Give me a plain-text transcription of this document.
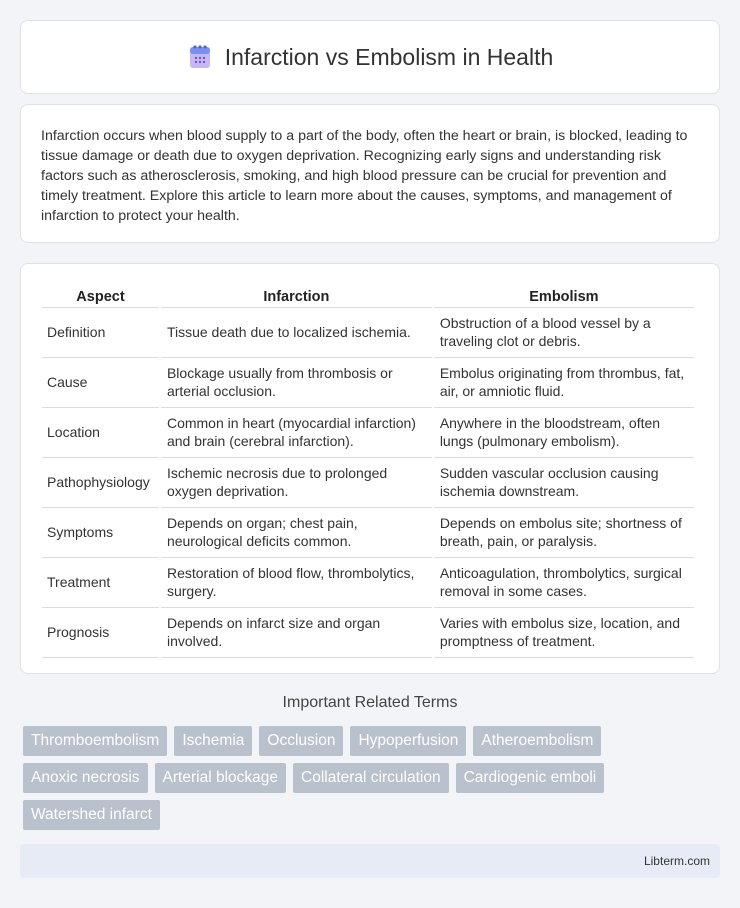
Infarction vs Embolism in Health

Infarction occurs when blood supply to a part of the body, often the heart or brain, is blocked, leading to tissue damage or death due to oxygen deprivation. Recognizing early signs and understanding risk factors such as atherosclerosis, smoking, and high blood pressure can be crucial for prevention and timely treatment. Explore this article to learn more about the causes, symptoms, and management of infarction to protect your health.

Aspect	Infarction	Embolism
Definition	Tissue death due to localized ischemia.	Obstruction of a blood vessel by a traveling clot or debris.
Cause	Blockage usually from thrombosis or arterial occlusion.	Embolus originating from thrombus, fat, air, or amniotic fluid.
Location	Common in heart (myocardial infarction) and brain (cerebral infarction).	Anywhere in the bloodstream, often lungs (pulmonary embolism).
Pathophysiology	Ischemic necrosis due to prolonged oxygen deprivation.	Sudden vascular occlusion causing ischemia downstream.
Symptoms	Depends on organ; chest pain, neurological deficits common.	Depends on embolus site; shortness of breath, pain, or paralysis.
Treatment	Restoration of blood flow, thrombolytics, surgery.	Anticoagulation, thrombolytics, surgical removal in some cases.
Prognosis	Depends on infarct size and organ involved.	Varies with embolus size, location, and promptness of treatment.
Important Related Terms
Thromboembolism	Ischemia	Occlusion	Hypoperfusion	Atheroembolism
Anoxic necrosis	Arterial blockage	Collateral circulation	Cardiogenic emboli
Watershed infarct
Libterm.com
